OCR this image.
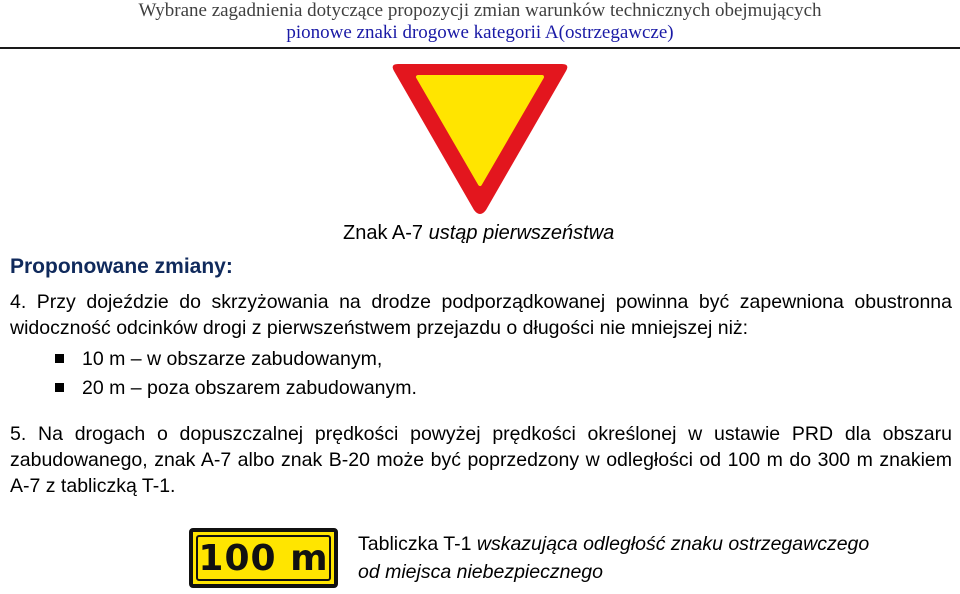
Wybrane zagadnienia dotyczące propozycji zmian warunków technicznych obejmujących
pionowe znaki drogowe kategorii A(ostrzegawcze)
Znak A-7 ustąp pierwszeństwa
Proponowane zmiany:

4. Przy dojeździe do skrzyżowania na drodze podporządkowanej powinna być zapewniona obustronna widoczność odcinków drogi z pierwszeństwem przejazdu o długości nie mniejszej niż:

10 m – w obszarze zabudowanym,
20 m – poza obszarem zabudowanym.

5. Na drogach o dopuszczalnej prędkości powyżej prędkości określonej w ustawie PRD dla obszaru zabudowanego, znak A-7 albo znak B-20 może być poprzedzony w odległości od 100 m do 300 m znakiem A-7 z tabliczką T-1.

100 m Tabliczka T-1 wskazująca odległość znaku ostrzegawczego
od miejsca niebezpiecznego
